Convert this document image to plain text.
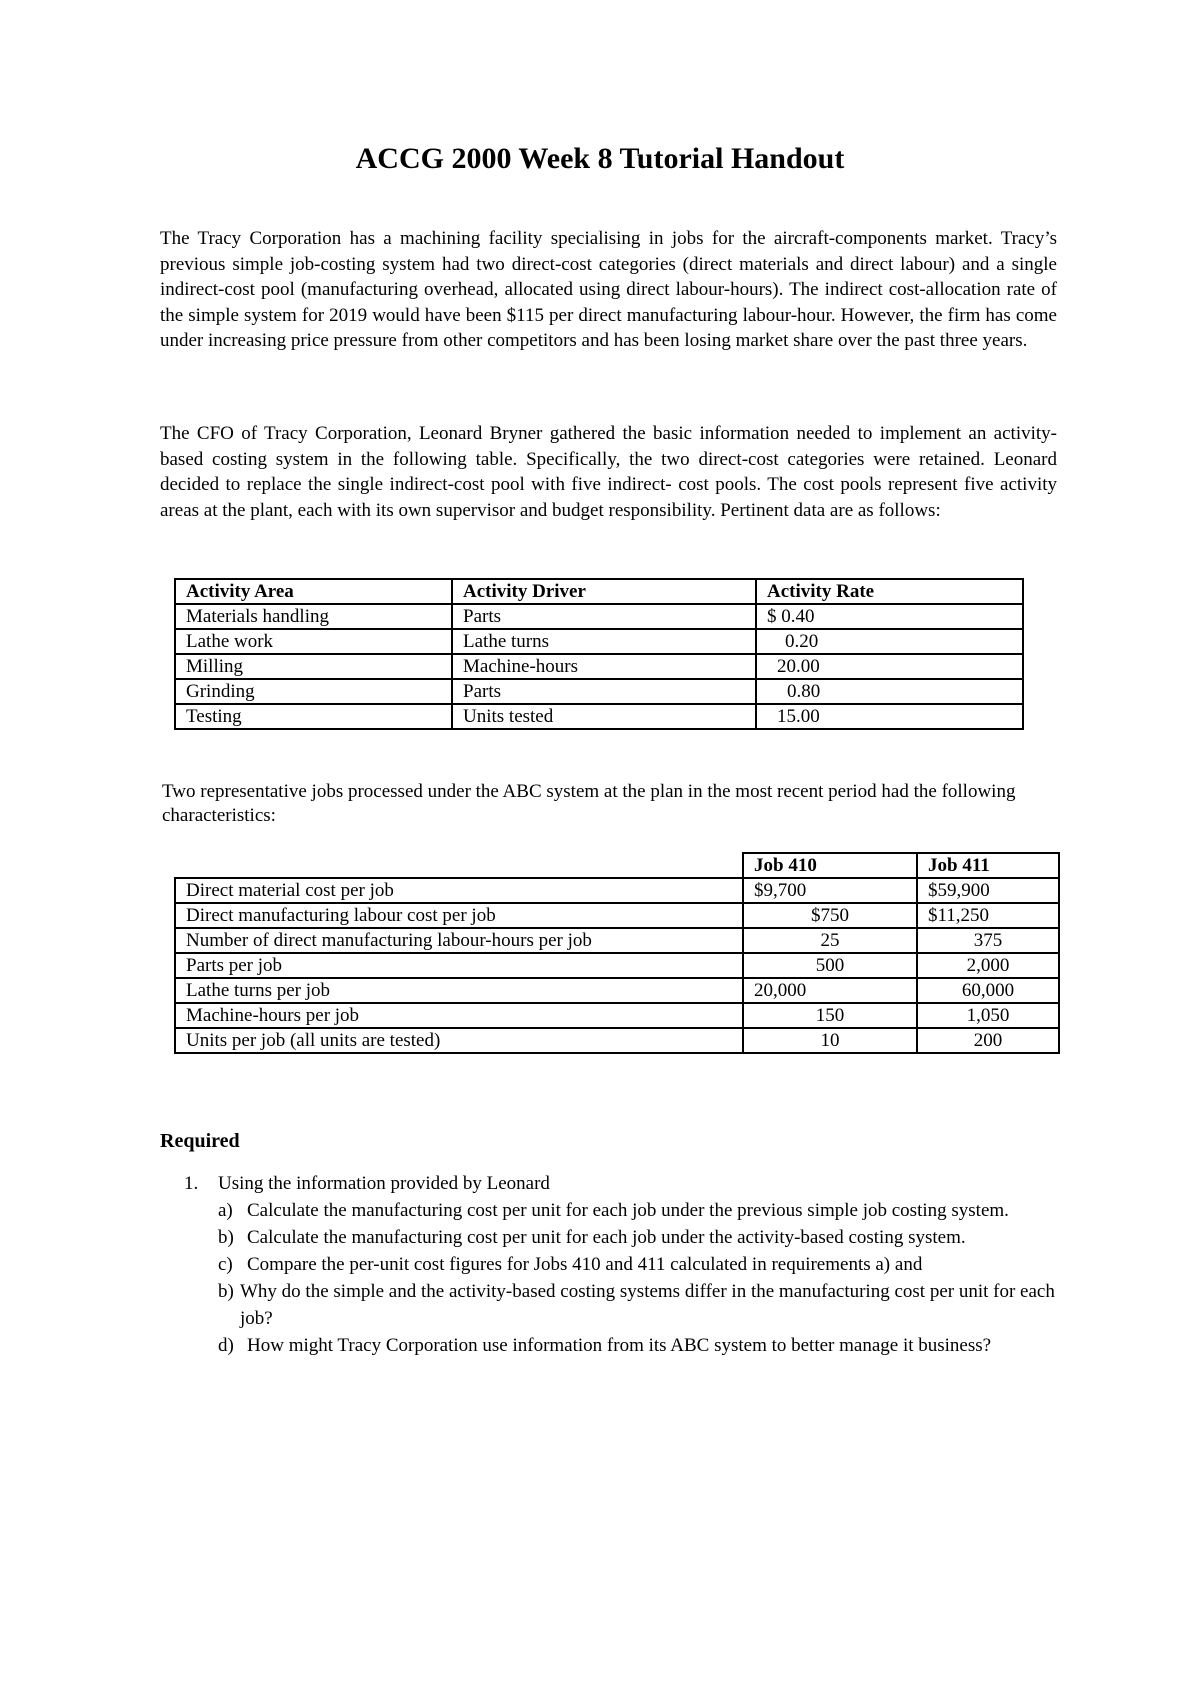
ACCG 2000 Week 8 Tutorial Handout

The Tracy Corporation has a machining facility specialising in jobs for the aircraft-components market. Tracy’s previous simple job-costing system had two direct-cost categories (direct materials and direct labour) and a single indirect-cost pool (manufacturing overhead, allocated using direct labour-hours). The indirect cost-allocation rate of the simple system for 2019 would have been $115 per direct manufacturing labour-hour. However, the firm has come under increasing price pressure from other competitors and has been losing market share over the past three years.

The CFO of Tracy Corporation, Leonard Bryner gathered the basic information needed to implement an activity-based costing system in the following table. Specifically, the two direct-cost categories were retained. Leonard decided to replace the single indirect-cost pool with five indirect- cost pools. The cost pools represent five activity areas at the plant, each with its own supervisor and budget responsibility. Pertinent data are as follows:

Activity Area	Activity Driver	Activity Rate
Materials handling	Parts	$ 0.40
Lathe work	Lathe turns	0.20
Milling	Machine-hours	20.00
Grinding	Parts	0.80
Testing	Units tested	15.00

Two representative jobs processed under the ABC system at the plan in the most recent period had the following characteristics:

	Job 410	Job 411
Direct material cost per job	$9,700	$59,900
Direct manufacturing labour cost per job	$750	$11,250
Number of direct manufacturing labour-hours per job	25	375
Parts per job	500	2,000
Lathe turns per job	20,000	60,000
Machine-hours per job	150	1,050
Units per job (all units are tested)	10	200

Required

1. Using the information provided by Leonard
a) Calculate the manufacturing cost per unit for each job under the previous simple job costing system.
b) Calculate the manufacturing cost per unit for each job under the activity-based costing system.
c) Compare the per-unit cost figures for Jobs 410 and 411 calculated in requirements a) and
b) Why do the simple and the activity-based costing systems differ in the manufacturing cost per unit for each job?
d) How might Tracy Corporation use information from its ABC system to better manage it business?
